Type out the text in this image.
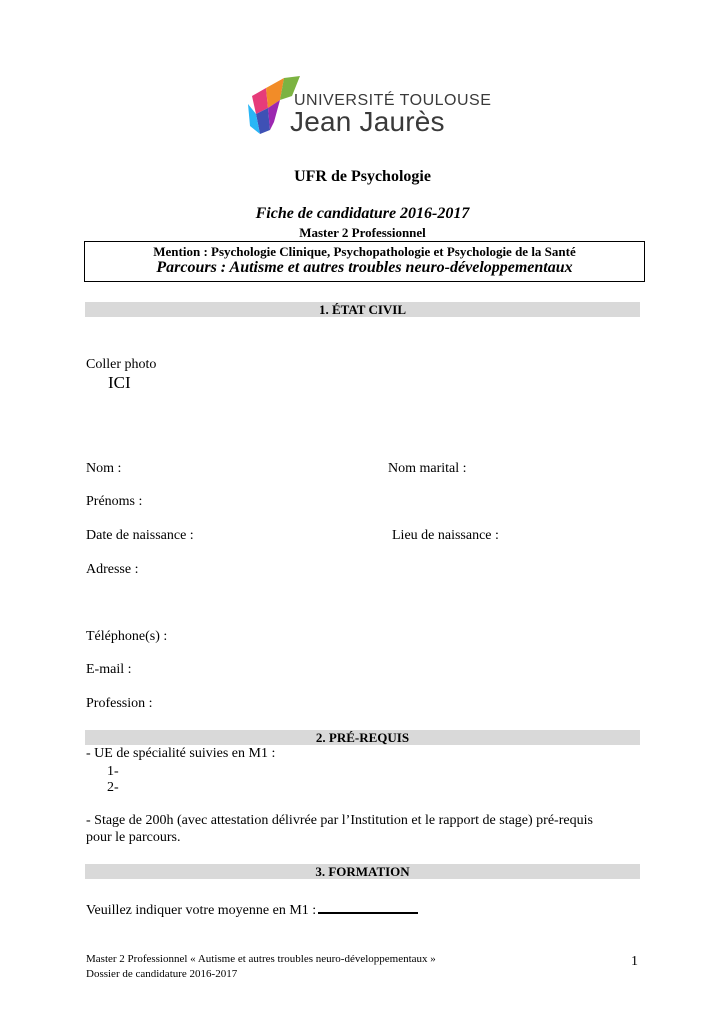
UNIVERSITÉ TOULOUSE
Jean Jaurès
UFR de Psychologie
Fiche de candidature 2016-2017
Master 2 Professionnel
Mention : Psychologie Clinique, Psychopathologie et Psychologie de la Santé
Parcours : Autisme et autres troubles neuro-développementaux
1. ÉTAT CIVIL
Coller photo
ICI
Nom :	Nom marital :
Prénoms :
Date de naissance :	Lieu de naissance :
Adresse :
Téléphone(s) :
E-mail :
Profession :
2. PRÉ-REQUIS
- UE de spécialité suivies en M1 :
1-
2-
- Stage de 200h (avec attestation délivrée par l’Institution et le rapport de stage) pré-requis
pour le parcours.
3. FORMATION
Veuillez indiquer votre moyenne en M1 :
Master 2 Professionnel « Autisme et autres troubles neuro-développementaux »
Dossier de candidature 2016-2017
1
